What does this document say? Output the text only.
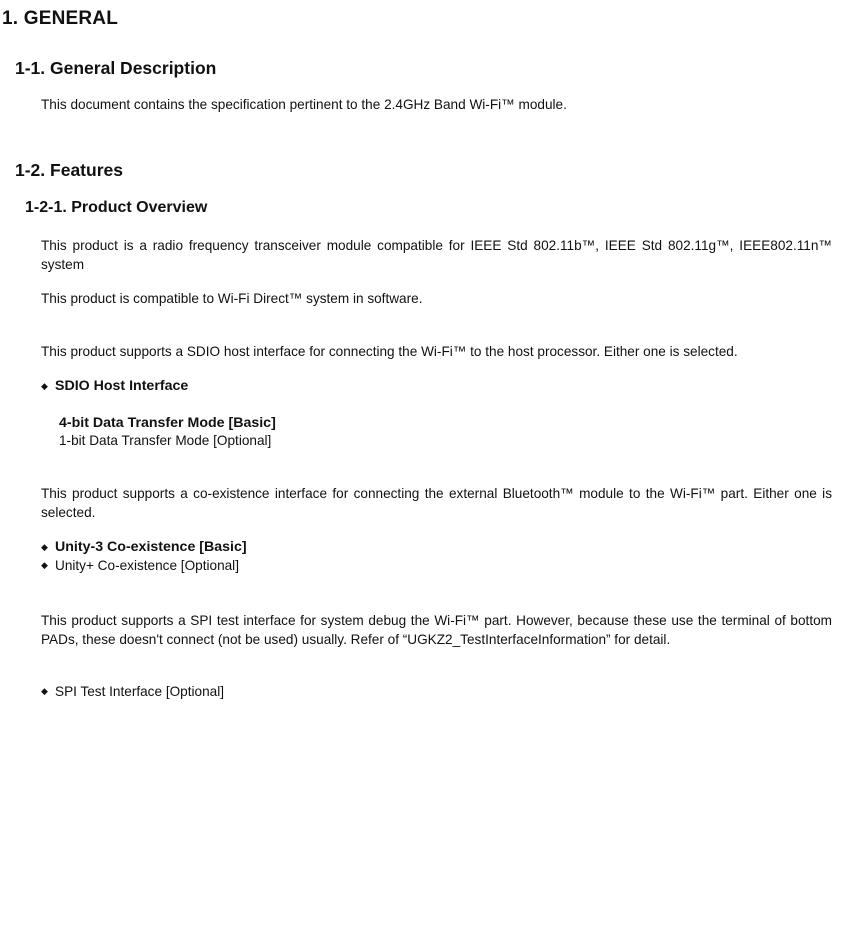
1. GENERAL
1-1. General Description
This document contains the specification pertinent to the 2.4GHz Band Wi-Fi™ module.
1-2. Features
1-2-1. Product Overview
This product is a radio frequency transceiver module compatible for IEEE Std 802.11b™, IEEE Std 802.11g™, IEEE802.11n™ system
This product is compatible to Wi-Fi Direct™ system in software.
This product supports a SDIO host interface for connecting the Wi-Fi™ to the host processor. Either one is selected.
◆ SDIO Host Interface
4-bit Data Transfer Mode [Basic]
1-bit Data Transfer Mode [Optional]
This product supports a co-existence interface for connecting the external Bluetooth™ module to the Wi-Fi™ part. Either one is selected.
◆ Unity-3 Co-existence [Basic]
◆ Unity+ Co-existence [Optional]
This product supports a SPI test interface for system debug the Wi-Fi™ part. However, because these use the terminal of bottom PADs, these doesn't connect (not be used) usually. Refer of “UGKZ2_TestInterfaceInformation” for detail.
◆ SPI Test Interface [Optional]
